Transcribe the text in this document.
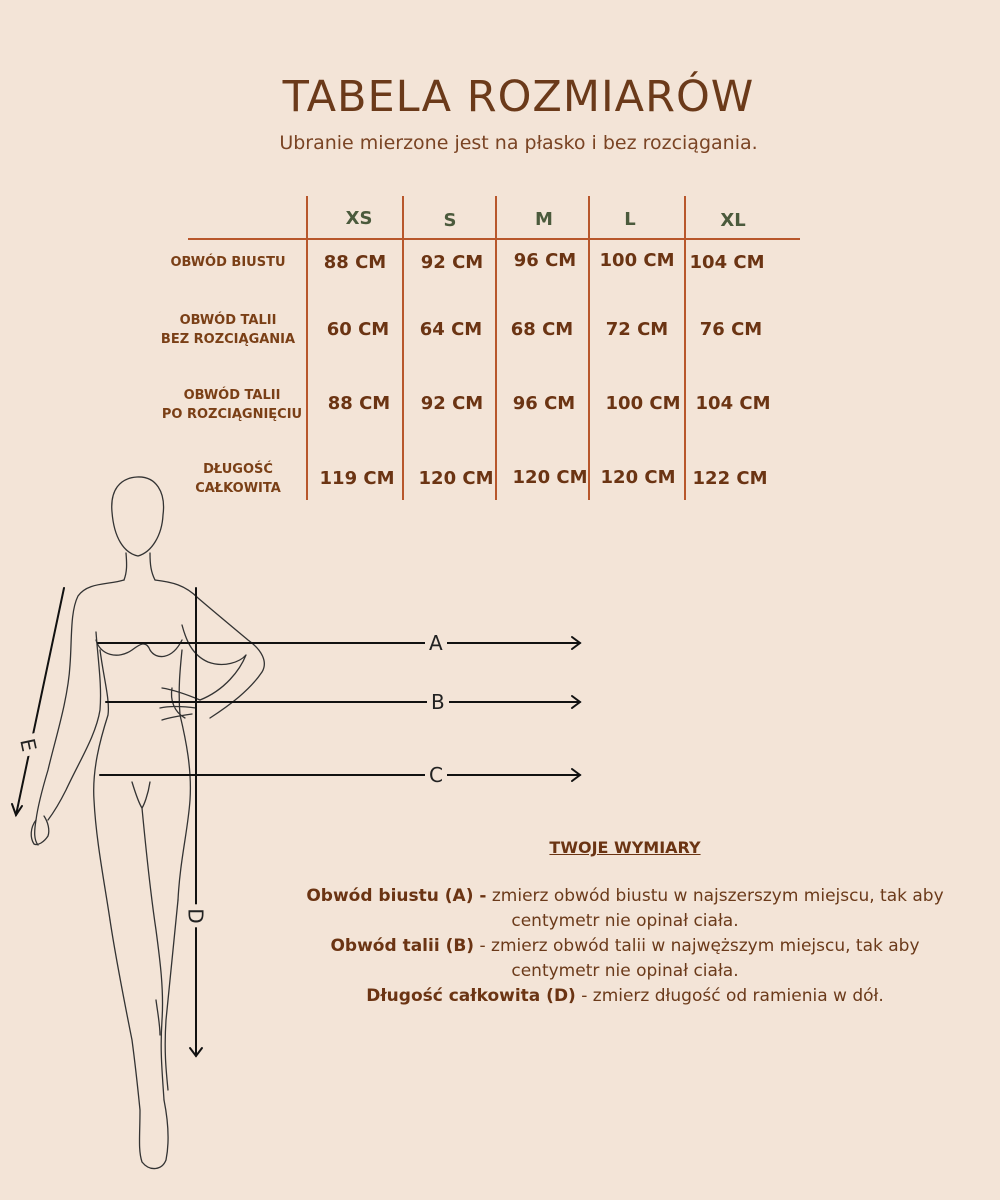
TABELA ROZMIARÓW
Ubranie mierzone jest na płasko i bez rozciągania.
XS	S	M	L	XL
OBWÓD BIUSTU	88 CM	92 CM	96 CM	100 CM 104 CM
OBWÓD TALII
BEZ ROZCIĄGANIA	60 CM	64 CM	68 CM	72 CM	76 CM
OBWÓD TALII
PO ROZCIĄGNIĘCIU
88 CM	92 CM	96 CM	100 CM 104 CM
DŁUGOŚĆ
CAŁKOWITA	119 CM	120 CM	120 CM 120 CM 122 CM
A
B
C
D
E
TWOJE WYMIARY
Obwód biustu (A) - zmierz obwód biustu w najszerszym miejscu, tak aby centymetr nie opinał ciała.
Obwód talii (B) - zmierz obwód talii w najwęższym miejscu, tak aby centymetr nie opinał ciała.
Długość całkowita (D) - zmierz długość od ramienia w dół.
